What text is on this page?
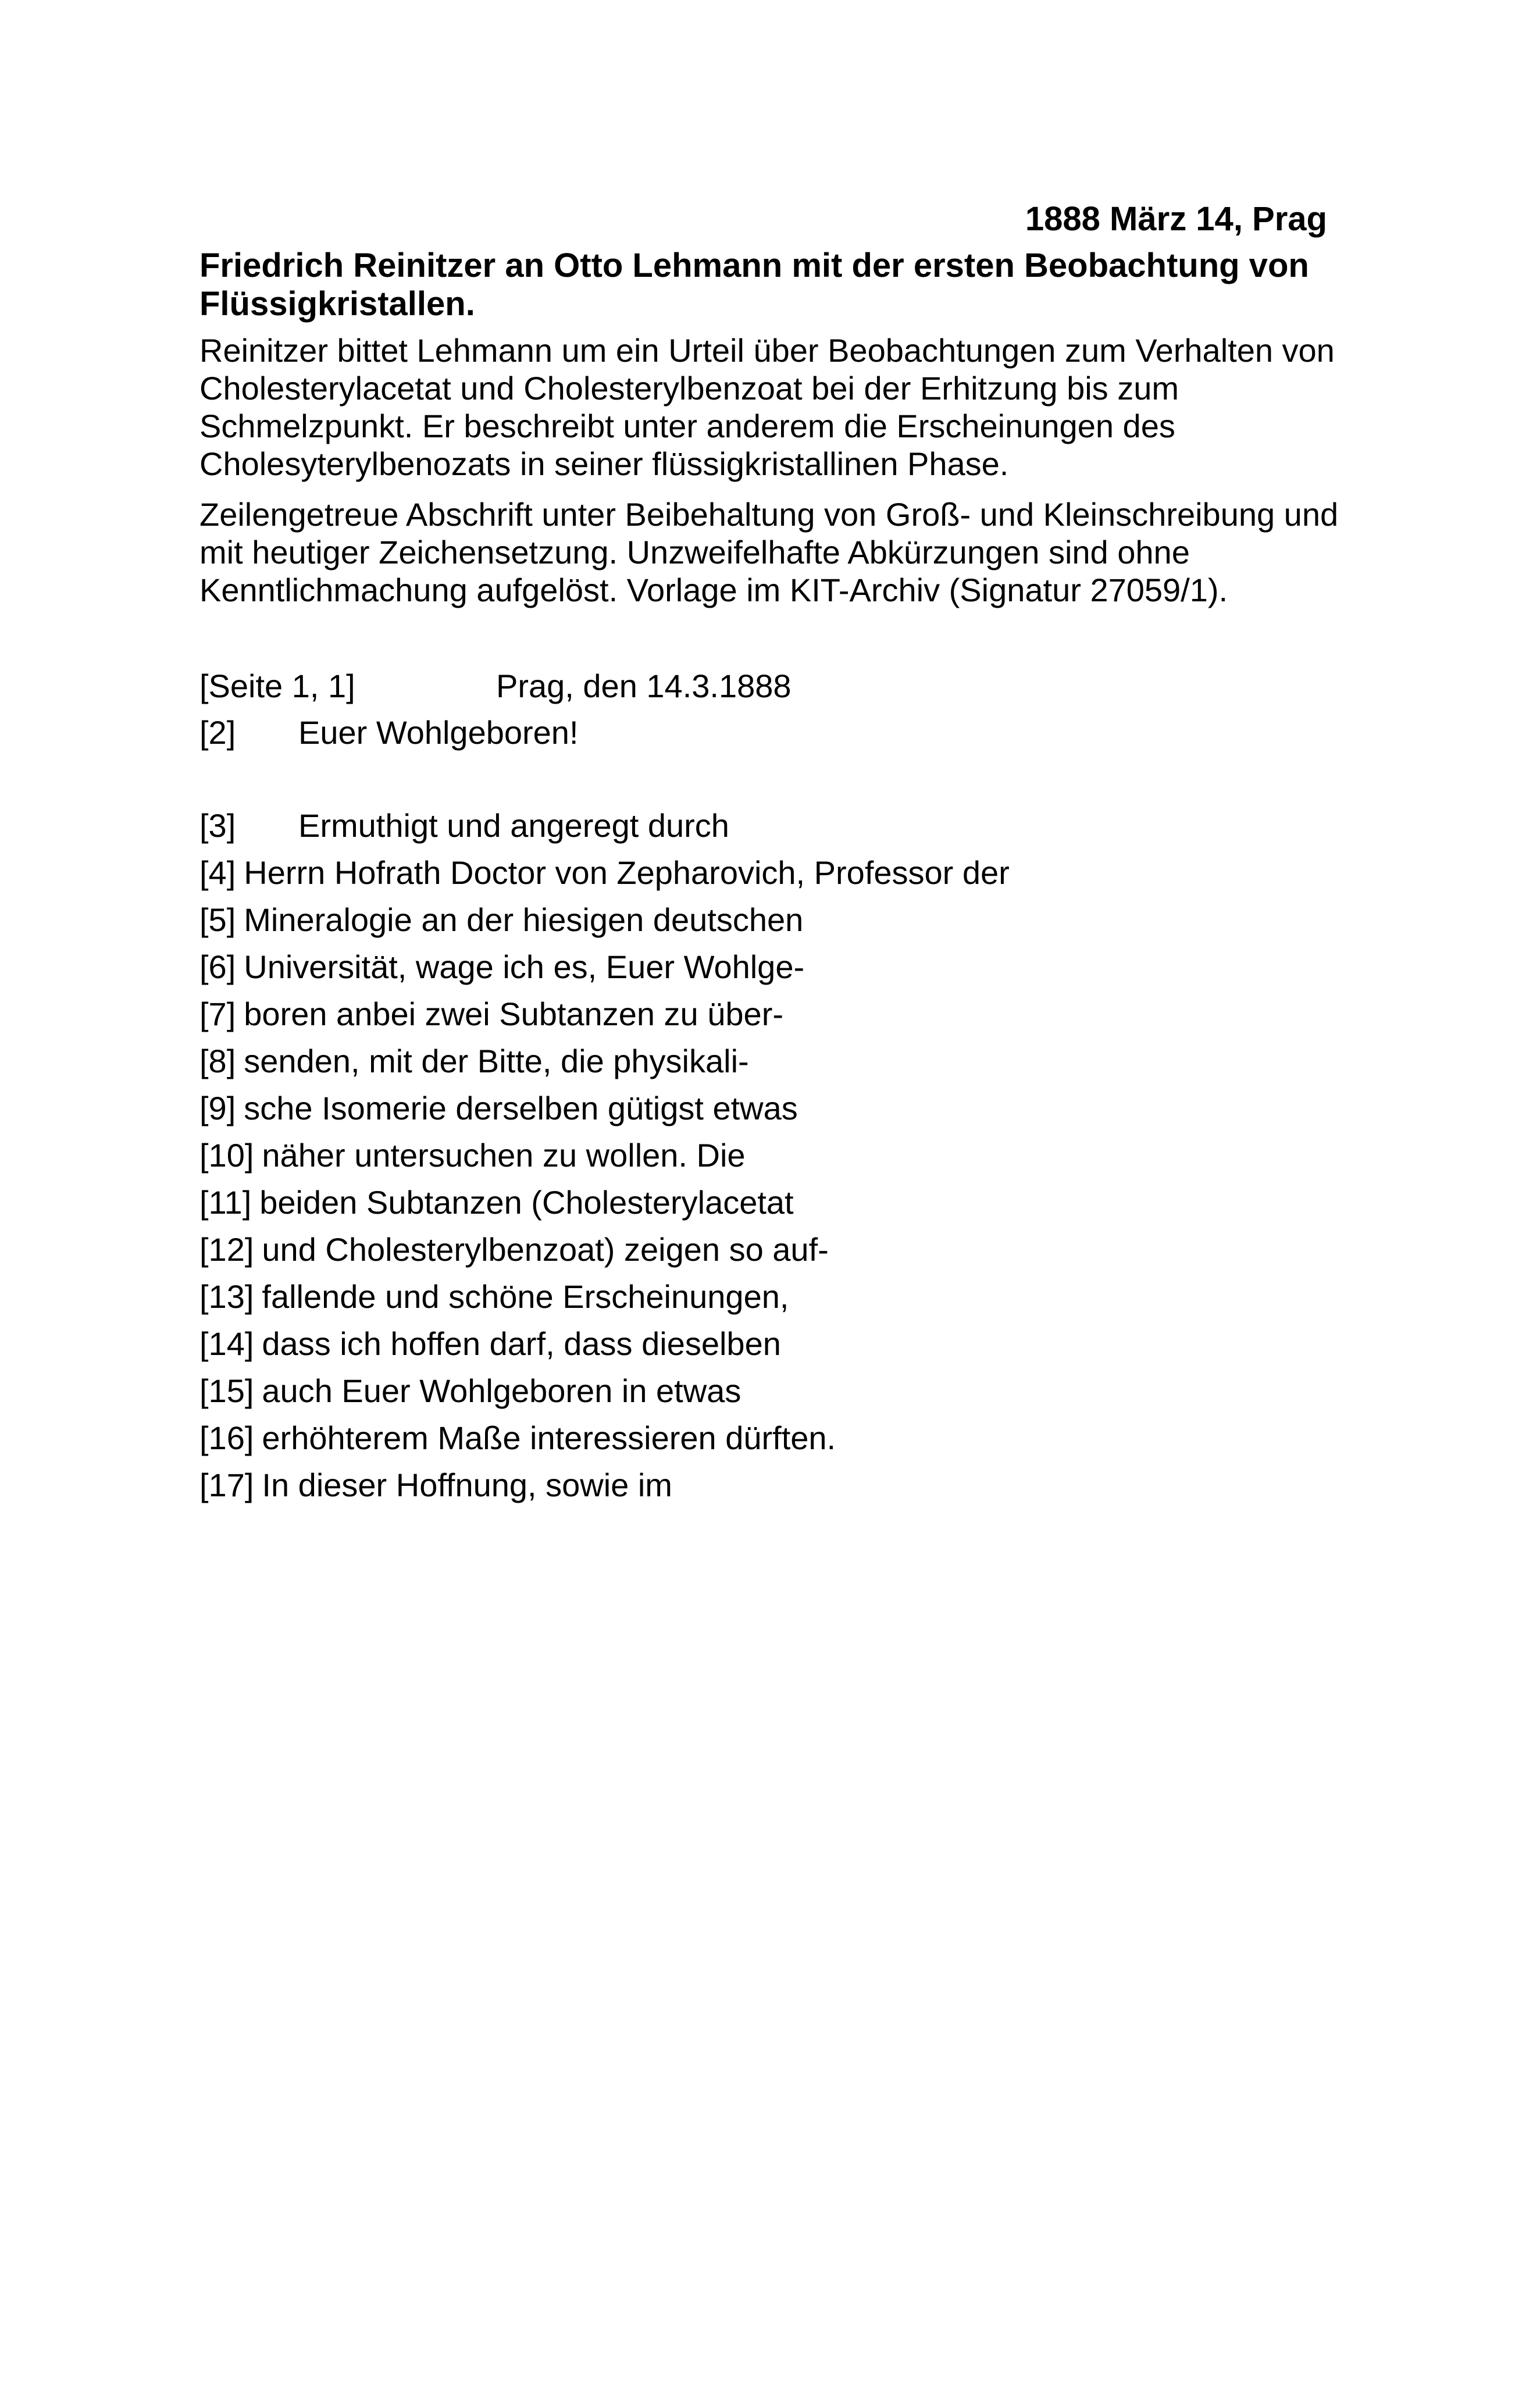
1888 März 14, Prag

Friedrich Reinitzer an Otto Lehmann mit der ersten Beobachtung von Flüssigkristallen.

Reinitzer bittet Lehmann um ein Urteil über Beobachtungen zum Verhalten von Cholesterylacetat und Cholesterylbenzoat bei der Erhitzung bis zum Schmelzpunkt. Er beschreibt unter anderem die Erscheinungen des Cholesyterylbenozats in seiner flüssigkristallinen Phase.

Zeilengetreue Abschrift unter Beibehaltung von Groß- und Kleinschreibung und mit heutiger Zeichensetzung. Unzweifelhafte Abkürzungen sind ohne Kenntlichmachung aufgelöst. Vorlage im KIT-Archiv (Signatur 27059/1).

[Seite 1, 1]	Prag, den 14.3.1888
[2] Euer Wohlgeboren!
[3] Ermuthigt und angeregt durch
[4] Herrn Hofrath Doctor von Zepharovich, Professor der
[5] Mineralogie an der hiesigen deutschen
[6] Universität, wage ich es, Euer Wohlge-
[7] boren anbei zwei Subtanzen zu über-
[8] senden, mit der Bitte, die physikali-
[9] sche Isomerie derselben gütigst etwas
[10] näher untersuchen zu wollen. Die
[11] beiden Subtanzen (Cholesterylacetat
[12] und Cholesterylbenzoat) zeigen so auf-
[13] fallende und schöne Erscheinungen,
[14] dass ich hoffen darf, dass dieselben
[15] auch Euer Wohlgeboren in etwas
[16] erhöhterem Maße interessieren dürften.
[17] In dieser Hoffnung, sowie im
